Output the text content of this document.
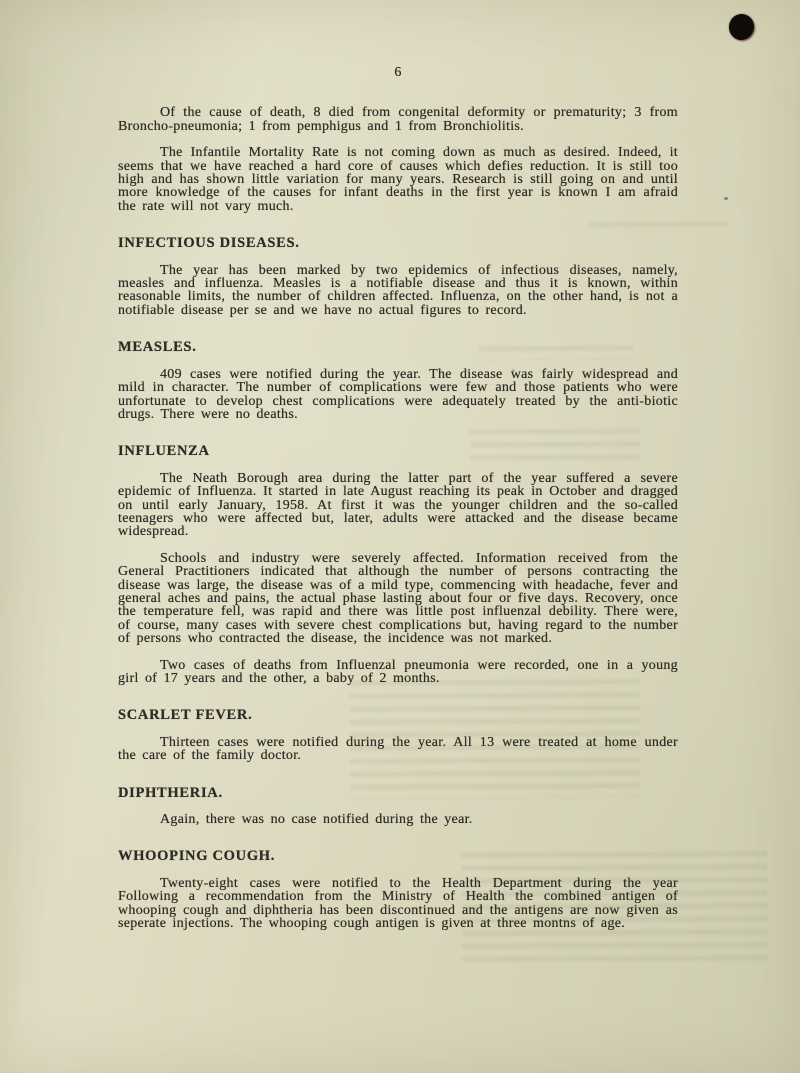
6

Of the cause of death, 8 died from congenital deformity or prematurity; 3 from Broncho-pneumonia; 1 from pemphigus and 1 from Bronchiolitis.

The Infantile Mortality Rate is not coming down as much as desired. Indeed, it seems that we have reached a hard core of causes which defies reduction. It is still too high and has shown little variation for many years. Research is still going on and until more knowledge of the causes for infant deaths in the first year is known I am afraid the rate will not vary much.

INFECTIOUS DISEASES.

The year has been marked by two epidemics of infectious diseases, namely, measles and influenza. Measles is a notifiable disease and thus it is known, within reasonable limits, the number of children affected. Influenza, on the other hand, is not a notifiable disease per se and we have no actual figures to record.

MEASLES.

409 cases were notified during the year. The disease was fairly widespread and mild in character. The number of complications were few and those patients who were unfortunate to develop chest complications were adequately treated by the anti-biotic drugs. There were no deaths.

INFLUENZA

The Neath Borough area during the latter part of the year suffered a severe epidemic of Influenza. It started in late August reaching its peak in October and dragged on until early January, 1958. At first it was the younger children and the so-called teenagers who were affected but, later, adults were attacked and the disease became widespread.

Schools and industry were severely affected. Information received from the General Practitioners indicated that although the number of persons contracting the disease was large, the disease was of a mild type, commencing with headache, fever and general aches and pains, the actual phase lasting about four or five days. Recovery, once the temperature fell, was rapid and there was little post influenzal debility. There were, of course, many cases with severe chest complications but, having regard to the number of persons who contracted the disease, the incidence was not marked.

Two cases of deaths from Influenzal pneumonia were recorded, one in a young girl of 17 years and the other, a baby of 2 months.

SCARLET FEVER.

Thirteen cases were notified during the year. All 13 were treated at home under the care of the family doctor.

DIPHTHERIA.

Again, there was no case notified during the year.

WHOOPING COUGH.

Twenty-eight cases were notified to the Health Department during the year Following a recommendation from the Ministry of Health the combined antigen of whooping cough and diphtheria has been discontinued and the antigens are now given as seperate injections. The whooping cough antigen is given at three montns of age.
